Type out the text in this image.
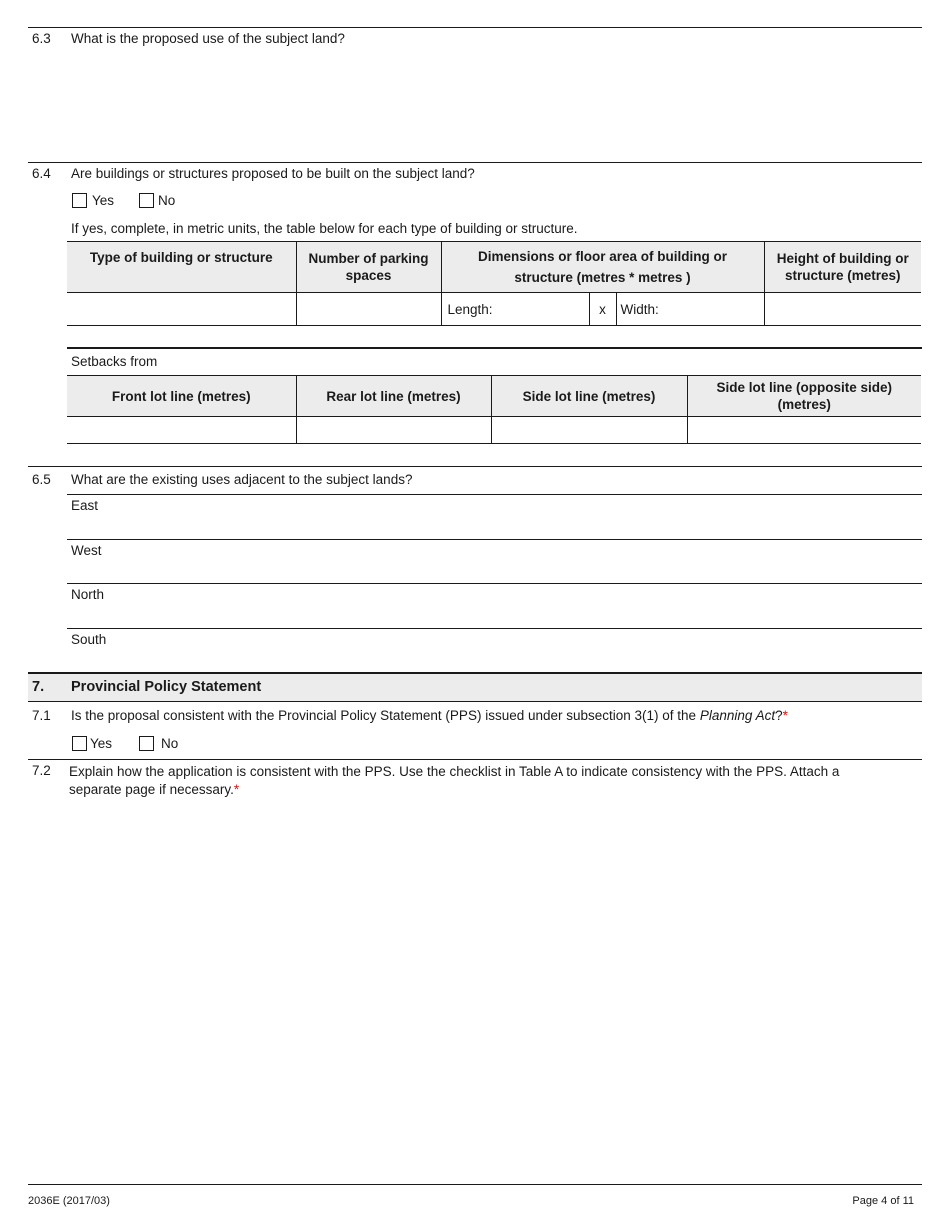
6.3 What is the proposed use of the subject land?
6.4 Are buildings or structures proposed to be built on the subject land?
Yes	No
If yes, complete, in metric units, the table below for each type of building or structure.
Type of building or structure	Number of parking spaces	Dimensions or floor area of building or structure (metres * metres )			Height of building or structure (metres)
		Length:	x	Width:	
Setbacks from
Front lot line (metres)	Rear lot line (metres)	Side lot line (metres)	Side lot line (opposite side) (metres)

6.5 What are the existing uses adjacent to the subject lands?
East
West
North
South
7. Provincial Policy Statement
7.1 Is the proposal consistent with the Provincial Policy Statement (PPS) issued under subsection 3(1) of the Planning Act?*
Yes	No
7.2 Explain how the application is consistent with the PPS. Use the checklist in Table A to indicate consistency with the PPS. Attach a separate page if necessary.*
2036E (2017/03)	Page 4 of 11
